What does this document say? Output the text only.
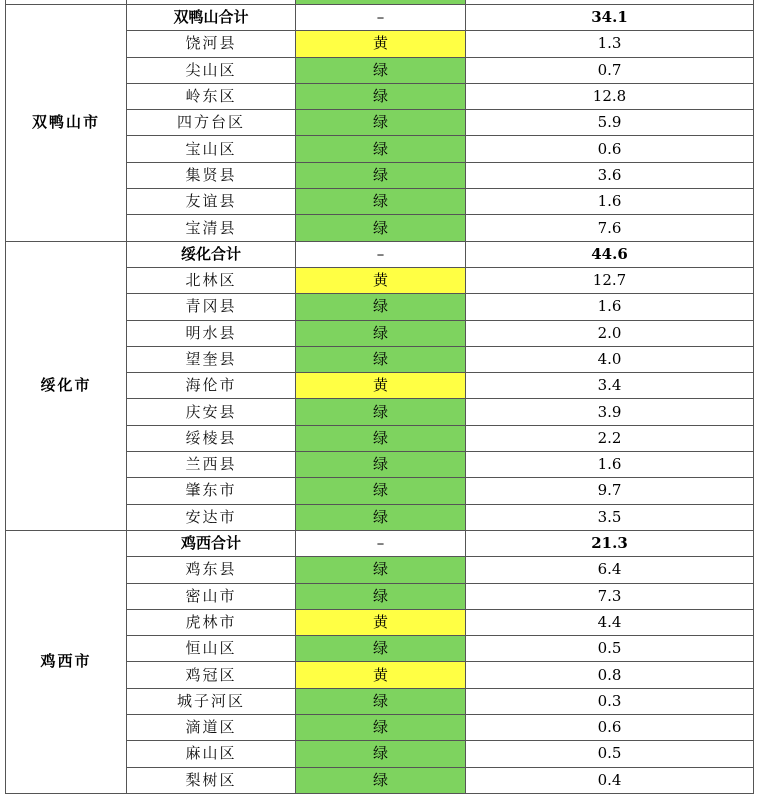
双鸭山市	双鸭山合计	–	34.1
	饶河县	黄	1.3
	尖山区	绿	0.7
	岭东区	绿	12.8
	四方台区	绿	5.9
	宝山区	绿	0.6
	集贤县	绿	3.6
	友谊县	绿	1.6
	宝清县	绿	7.6
绥化市	绥化合计	–	44.6
	北林区	黄	12.7
	青冈县	绿	1.6
	明水县	绿	2.0
	望奎县	绿	4.0
	海伦市	黄	3.4
	庆安县	绿	3.9
	绥棱县	绿	2.2
	兰西县	绿	1.6
	肇东市	绿	9.7
	安达市	绿	3.5
鸡西市	鸡西合计	–	21.3
	鸡东县	绿	6.4
	密山市	绿	7.3
	虎林市	黄	4.4
	恒山区	绿	0.5
	鸡冠区	黄	0.8
	城子河区	绿	0.3
	滴道区	绿	0.6
	麻山区	绿	0.5
	梨树区	绿	0.4
